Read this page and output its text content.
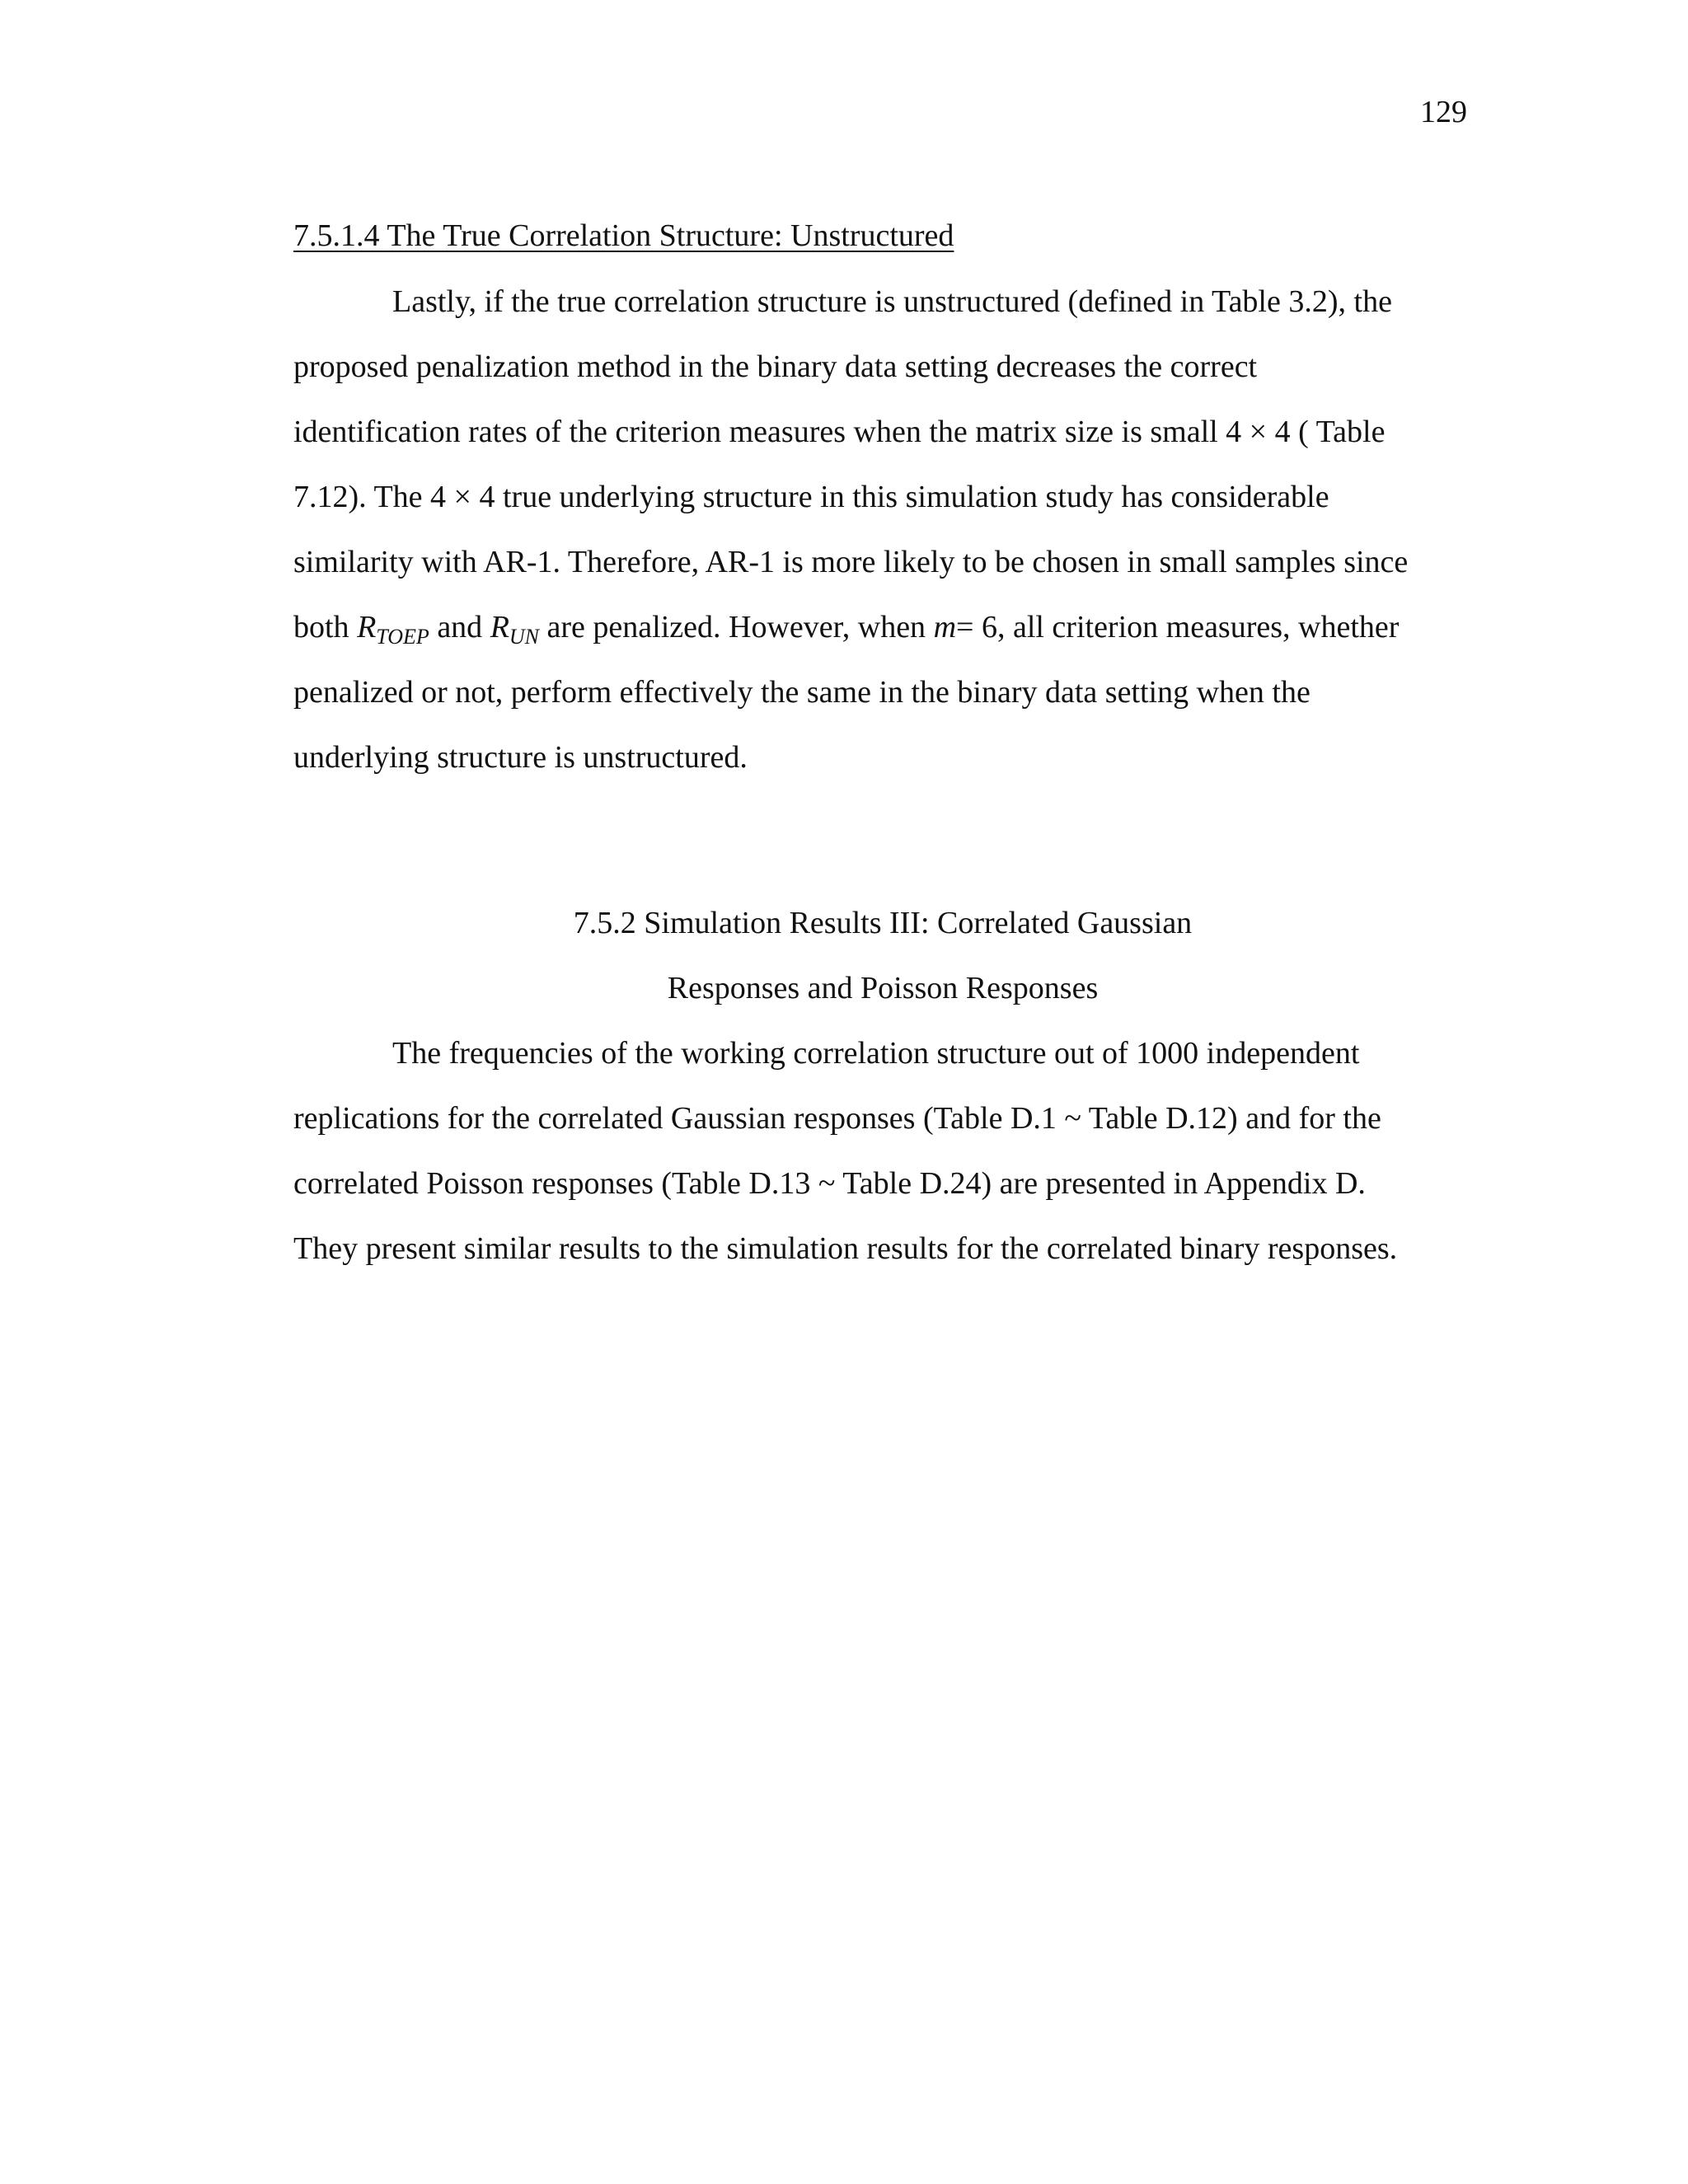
129
7.5.1.4 The True Correlation Structure: Unstructured
Lastly, if the true correlation structure is unstructured (defined in Table 3.2), the
proposed penalization method in the binary data setting decreases the correct
identification rates of the criterion measures when the matrix size is small 4 × 4 ( Table
7.12). The 4 × 4 true underlying structure in this simulation study has considerable
similarity with AR-1. Therefore, AR-1 is more likely to be chosen in small samples since
both $R_{TOEP}$ and $R_{UN}$ are penalized. However, when m= 6, all criterion measures, whether
penalized or not, perform effectively the same in the binary data setting when the
underlying structure is unstructured.
7.5.2 Simulation Results III: Correlated Gaussian
Responses and Poisson Responses
The frequencies of the working correlation structure out of 1000 independent
replications for the correlated Gaussian responses (Table D.1 ~ Table D.12) and for the
correlated Poisson responses (Table D.13 ~ Table D.24) are presented in Appendix D.
They present similar results to the simulation results for the correlated binary responses.
